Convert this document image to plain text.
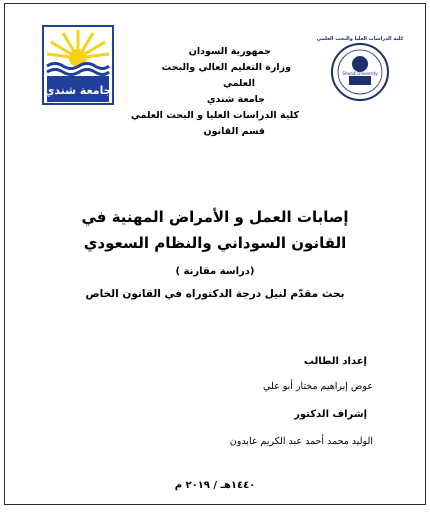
جامعة شندي
كلية الدراسات العليا والبحث العلمي
Shendi University
جمهورية السودان
وزارة التعليم العالي والبحث
العلمي
جامعة شندي
كلية الدراسات العليا و البحث العلمي
قسم القانون
إصابات العمل و الأمراض المهنية في
القانون السوداني والنظام السعودي
(دراسة مقارنة )
بحث مقدّم لنيل درجة الدكتوراه في القانون الخاص
إعداد الطالب
عوض إبراهيم مختار أبو علي
إشراف الدكتور
الوليد محمد أحمد عبد الكريم عابدون
١٤٤٠هـ / ٢٠١٩ م
